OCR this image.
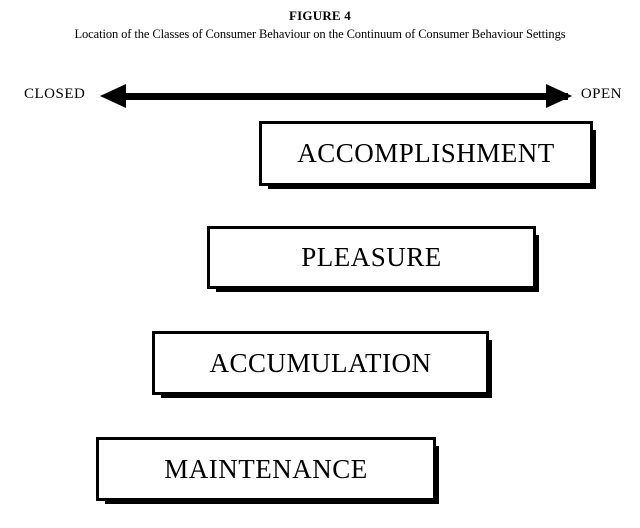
FIGURE 4
Location of the Classes of Consumer Behaviour on the Continuum of Consumer Behaviour Settings
CLOSED	OPEN
ACCOMPLISHMENT
PLEASURE
ACCUMULATION
MAINTENANCE
